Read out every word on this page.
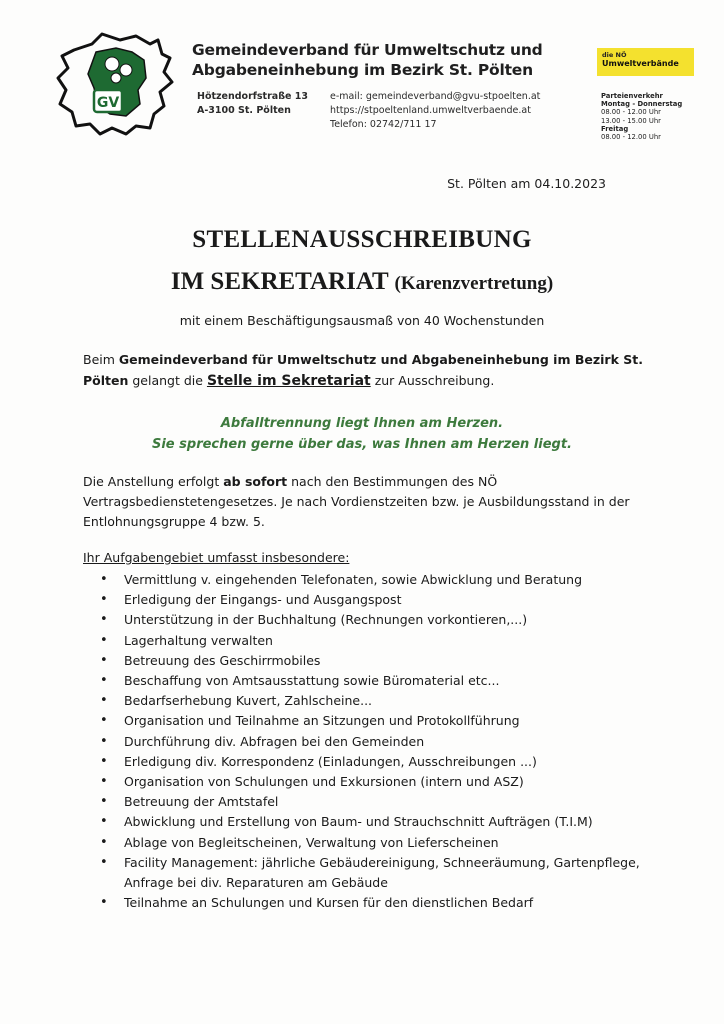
GV
Gemeindeverband für Umweltschutz und
Abgabeneinhebung im Bezirk St. Pölten
Hötzendorfstraße 13
A-3100 St. Pölten
e-mail: gemeindeverband@gvu-stpoelten.at
https://stpoeltenland.umweltverbaende.at
Telefon: 02742/711 17
die NÖ
Umweltverbände
Parteienverkehr
Montag - Donnerstag
08.00 - 12.00 Uhr
13.00 - 15.00 Uhr
Freitag
08.00 - 12.00 Uhr
St. Pölten am 04.10.2023
STELLENAUSSCHREIBUNG
IM SEKRETARIAT (Karenzvertretung)
mit einem Beschäftigungsausmaß von 40 Wochenstunden
Beim Gemeindeverband für Umweltschutz und Abgabeneinhebung im Bezirk St. Pölten gelangt die Stelle im Sekretariat zur Ausschreibung.
Abfalltrennung liegt Ihnen am Herzen.
Sie sprechen gerne über das, was Ihnen am Herzen liegt.
Die Anstellung erfolgt ab sofort nach den Bestimmungen des NÖ Vertragsbedienstetengesetzes. Je nach Vordienstzeiten bzw. je Ausbildungsstand in der Entlohnungsgruppe 4 bzw. 5.
Ihr Aufgabengebiet umfasst insbesondere:
• Vermittlung v. eingehenden Telefonaten, sowie Abwicklung und Beratung
• Erledigung der Eingangs- und Ausgangspost
• Unterstützung in der Buchhaltung (Rechnungen vorkontieren,...)
• Lagerhaltung verwalten
• Betreuung des Geschirrmobiles
• Beschaffung von Amtsausstattung sowie Büromaterial etc...
• Bedarfserhebung Kuvert, Zahlscheine...
• Organisation und Teilnahme an Sitzungen und Protokollführung
• Durchführung div. Abfragen bei den Gemeinden
• Erledigung div. Korrespondenz (Einladungen, Ausschreibungen ...)
• Organisation von Schulungen und Exkursionen (intern und ASZ)
• Betreuung der Amtstafel
• Abwicklung und Erstellung von Baum- und Strauchschnitt Aufträgen (T.I.M)
• Ablage von Begleitscheinen, Verwaltung von Lieferscheinen
• Facility Management: jährliche Gebäudereinigung, Schneeräumung, Gartenpflege, Anfrage bei div. Reparaturen am Gebäude
• Teilnahme an Schulungen und Kursen für den dienstlichen Bedarf
